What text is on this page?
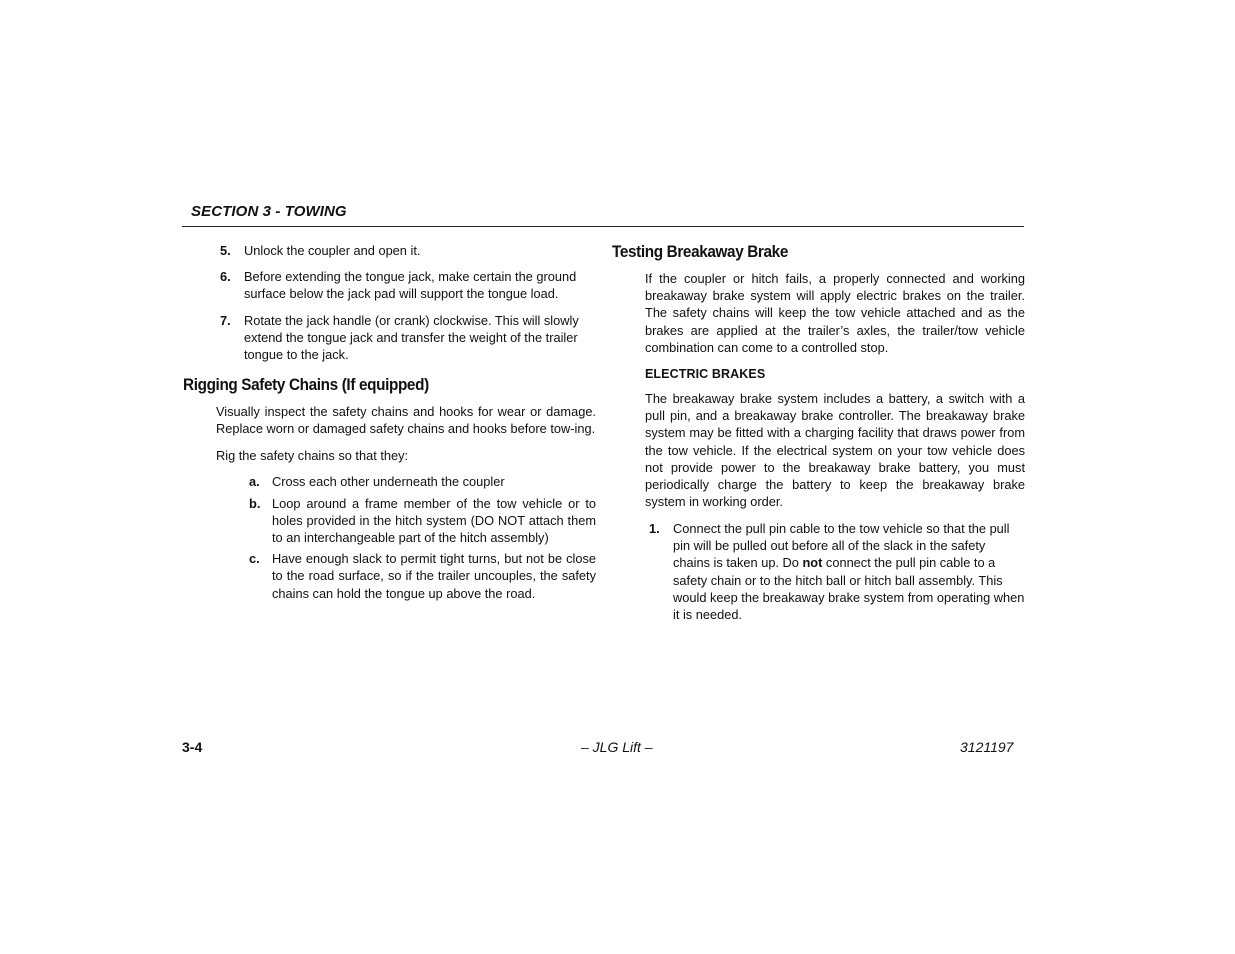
SECTION 3 - TOWING
5. Unlock the coupler and open it.
6. Before extending the tongue jack, make certain the ground surface below the jack pad will support the tongue load.
7. Rotate the jack handle (or crank) clockwise. This will slowly extend the tongue jack and transfer the weight of the trailer tongue to the jack.
Rigging Safety Chains (If equipped)
Visually inspect the safety chains and hooks for wear or damage. Replace worn or damaged safety chains and hooks before tow-ing.
Rig the safety chains so that they:
a. Cross each other underneath the coupler
b. Loop around a frame member of the tow vehicle or to holes provided in the hitch system (DO NOT attach them to an interchangeable part of the hitch assembly)
c. Have enough slack to permit tight turns, but not be close to the road surface, so if the trailer uncouples, the safety chains can hold the tongue up above the road.
Testing Breakaway Brake
If the coupler or hitch fails, a properly connected and working breakaway brake system will apply electric brakes on the trailer. The safety chains will keep the tow vehicle attached and as the brakes are applied at the trailer’s axles, the trailer/tow vehicle combination can come to a controlled stop.
ELECTRIC BRAKES
The breakaway brake system includes a battery, a switch with a pull pin, and a breakaway brake controller. The breakaway brake system may be fitted with a charging facility that draws power from the tow vehicle. If the electrical system on your tow vehicle does not provide power to the breakaway brake battery, you must periodically charge the battery to keep the breakaway brake system in working order.
1. Connect the pull pin cable to the tow vehicle so that the pull pin will be pulled out before all of the slack in the safety chains is taken up. Do not connect the pull pin cable to a safety chain or to the hitch ball or hitch ball assembly. This would keep the breakaway brake system from operating when it is needed.
3-4	– JLG Lift –	3121197
